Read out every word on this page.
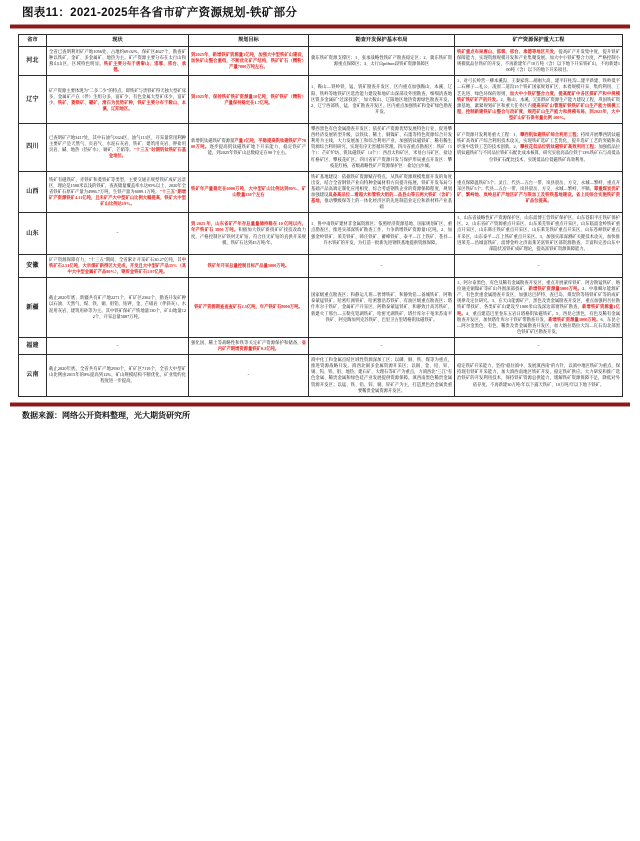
图表11：2021-2025年各省市矿产资源规划-铁矿部分
省市	现状	规划目标	勘查开发保护基本布局	矿产资源保护重大工程
河北	全省已查明利用矿产地1056处，占地约69.02%，保矿区4627个，勘查矿种以铁矿、金矿、多金属矿、地热为主。矿产资源主要分布在太行山和燕山山区，区域特色明显。铁矿主要分布于唐秦山、邯郸、邢台、承德。	到2025年，新增铁矿资源量3亿吨，加强大中型铁矿山建设，加快矿山整合重组，不断优化矿产结构，铁矿矿石（精粉）产量7000万吨左右。	冀东铁矿资源支撑区；1、张承战略性铁矿产勘查稳定区；2、冀东铁矿资源重点保障区；3、太行山północ段铁矿资源保障区	铁矿重点布局唐山、邯郸、邢台、承德等地区开发，提高矿产开发集中度，提升铁矿保障能力，实现资源规模开发和产业集聚发展。加大中小铁矿整合力度，严格控制小规模低品位铁矿的开发，不再新建年产10万吨（含）以下地下开采铁矿山，不再新建100吨（含）以下的地下开采项目。
辽宁	矿产资源主要体现为"二多二少"的特点，即铁矿与贵铁矿得天独大型矿床多，金属矿产在（伴）生组分多，富矿少，有色金属大型矿床少，富矿少。铁矿、菱镁矿、硼矿、滑石为优势矿种，铁矿主要分布于鞍山、本溪、辽阳地区。	到2025年，保持铁矿铁矿资源量10亿吨，铁矿铁矿（精粉）产量保持稳定在1.7亿吨。	1、鞍山—铁岭铁、锰、钒矿勘查开发区，区内重点加强鞍山、本溪、辽阳、铁岭等地铁矿区选治能力建设和地矿山深部及外围勘查，细细清查地区钒多金属矿"过深找富"，加大鞍山、辽阳地区地热资源绿色勘查开发。2、辽宁西部铁、锰、金矿勘查开发区，区内重点加强铁矿和金矿绿色勘查开发。	1、对弓长岭营一柳本溪沟、王秦家湾—胡刚大高、建平轩柱沟—建平新建、铁岭低平—石柳子—礼公、凌原二道沟15个铁矿国家规划矿区，本着规模开采、集约利用、工艺先进、绿色环保的原则，加大中小铁矿整合力度，提高配矿中各区探矿产和中规模铁矿铁矿矿产的开发。2、鞍山、本溪、辽阳铁矿资源生产能力建设工程，巩固铁矿资源基地，紧紧规划矿区和重大任务区内提高采矿山管理矿铁铁矿矿山生产能力规模工程，控制新建铁矿山整合与改矿度，规范矿山生产能力和规模布局，到2025年，大中型矿山矿石保有量比例 100%。
四川	已查明矿产地3417处，其中石油气3324区，油气113区，开采量常用利种主要矿产是天然气、页岩气、水泥石灰岩、铁矿、建筑用灰岩、钾盐用页岩、碱、地热（热矿水）、铜矿、芒硝等。"十三五"时期钒钛铁矿石基金地位。	新增钒钛磁铁矿资源量产量1亿吨，平稳提高钒钛磁铁矿产7000万吨。逐步提高钒钛磁铁矿地下开采能力，稳定铁矿产能，到2025年铁矿山总数稳定在90个左右。	攀西黑色有色金属勘查开发区；依托矿产资源优势发展特色行业，促进攀西经济发展转型升级，以铁钛、稀土、铜镍矿、石墨等特色资源综合开发利用为主线，大力发展加工和综合利用产业，加强钒钛磁铁矿、稀有稀生资源综合利用研究，实现有序无害循环管理。四川省重点勘查区：铁矿（1个）：芒矿炉坊、钒钛磁铁矿（4个）：西昌太和矿区、米易白马矿区、盐边红格矿区、攀枝花矿区。四川省矿产资源开发与保护形局重点开发区：攀枝花红格，省级战略性矿产资源保护区：盐边白沙城。	矿产资源开发利用重大工程：1、攀西钒钛磁铁矿综合利用工程；持续开展攀西钒钛磁铁矿高效矿产综合利用技术攻关，实现铁矿选矿工艺优化，提升选矿工艺的突破和高炉渣中选铁工艺的技术创新。2、攀枝花低品位钒钛磁铁矿高效利用工程；加强低品位钒钛磁铁矿与不同品位铁矿石配比成本核算，研究实验高品位铁于13%铁矿石与高低品位铁矿石配比技术，实现低品位低磁铁矿高效利用。
山西	铁矿有磁铁矿、赤铁矿和菱铁矿等类型，主要交通正规型铁矿成矿远景区，理论是1500米以浅的铁矿，查查储量覆盖率水达95%以上，2020年全省铁矿石原矿产量为4986.7万吨，生铁产量为6089.1万吨。"十三五"期增矿产资源铁矿4.11亿吨，且未矿产大中型矿山比例大幅提高，铁矿大中型矿山比例达19%。	铁矿年产量稳定在6000万吨，大中型矿山比例达到80%、矿山数量230个左右	铁矿基地建设：依据铁矿资源赋存特点，从铁矿资源规模集群开发的角度出发，结合全省钢铁产业向特种金属材料方向提升拓展，铁矿开发布局与基础产品高端定制化应用相变，综合考虑钢铁企业的资源保障程度，规划加强建设具备高品位—看超大和管铁大铝的—品县山等五两大铁矿（含矿）基地，推动攀级保等上的一体化经济区的先进制造业定位和新材料产业基础	重点保障温铁矿5个；灵丘、代县—五台一带、岚县晨岳、方交、永城—繁峙、重点开采区铁矿5个；代县—五台一带、岚县晨岳、方交、永城—繁峙、平顺。尊重煤炭优矿矿、繁峙地、岚岭总矿产地区矿产与限加工及铁铁基地建设。省上民综合实施铁矿资矿品位提高。
山东	-	到 2025 年，山东省矿产年存总量量储持稳在 10 亿吨以内，年产铁矿石 3800 万吨。积极加大铁矿新找矿矿找技改政力度，产格控制区矿铁材无矿钴，符合住无矿钴的直供开采规模，铁矿石达到45万吨/年。	1、鲁中南铁矿建材非金属资源区；依照经济资源基地、国家规划矿区、重点勘查区，推进实部深铁矿勘查工作，力争新增铁矿资源量1亿吨。2、加强金岭铁矿、莱芜铁矿、韩庄铁矿、蓄峰铁矿、泰平—江上铁矿、苍县—许水铁矿的开发，为打造一批新先进钢铁基地提供资源保障。	1、山东省战略性矿产资源保护区，山东淄博王营铁矿保护区，山东苍阳平庄铁矿保护区。2、山东省矿产资源重点开采区，山东莱芜铁矿重点开采区，山东临淄金岭铁矿重点开采区，山东韩庄铁矿重点开采区，山东莱芜铁矿重点开采区，山东苍峄铁矿重点开采区，山东泰平—江上铁矿重点开采区。3、加强实部深测矿关键技术攻关，加快推进莱芜—昌城富铁矿、淄博金岭之济南莱芜富铁矿区部资源勘查，丰富和完善山东中部隐伏富铁矿成矿理论，提高富铁矿资源保障能力。
安徽	矿产资源保障有力，"十三五"期间，全省累计开采矿石30.27亿吨，其中铁矿石2.51亿吨，大宗煤矿新得区大完成，开发且大中型矿产品35%（其中大中型金属矿产品80%），钢贸金铁矿石1.97亿吨。	铁矿年开采总量控制目标产品量5000万吨。	-	-

新疆	截止2020年底，新疆共有矿产地2271个，矿矿区2362个，勘查开发矿种以石油、天然气、煤、铁、铜、钼铝、钴钾、金、芒硝岩（伴斜灰）、水泥用灰岩、建筑用砂等为主。其中铁矿保矿产铁地量130个，矿山地量122个，开采总量5087万吨。	铁矿产资源期查查查矿石2.5亿吨，年产铁矿石8000万吨。	国家级重点勘查区；和静运儿班—智博铁矿、和静致铅—备城铁矿、阿勒泰蒙锰铁矿、哈密红洲铁矿、哈密雅浩苏铁矿、有油区级重点勘查区；塔什库尔干铁矿、金属矿产开采区、阿勒泰蒙锰铁矿、和静致汁高苏铁矿、新建火丁那台—玉勒克铝湖铁矿、哈密光湖铁矿、塔什库尔干奄米苏南平铁矿、阿克陶加列克苏铁矿、巴里卫古里塔格钒钛磁铁矿。	1、阿尔泰黑色、有色及稀有金属勘查开发区，重点开展蒙库铁矿、阿舍勘锰铁矿、喀拉通克铜镍矿等矿山外围深部找矿，新增铁矿资源量5000万吨。2、中准噶尔能源矿产、有色贵重金属勘查开发区，加强达巴萨特、查巴岛、煤炭阶等铬铁矿矿等的成矿规律及定位研究。3、在天山能源矿产、黑色及贵金属勘查开发区，重点加强阿吾拉勘铁矿带找矿，各类矿矿山建设至1000米山浅深边部窗铁矿勘查，新增铁矿资源量1亿吨。4、重点建造巴里卷东五岩日塔格钒钛磁铁矿。5、西昆仑黑色、有色及稀有金属勘查开发区，加快塔什库尔干铁矿带勘查开发，新增铁矿资源量3000万吨。6、东昆仑—阿尔金黑色、有色、稀贵及贵金属勘查开发区，加大喀拉塔拉大沟—瓦石沟北部黑色铁矿矿区勘查开发。
福建	-	强化国、稀土等战略性和铁等关定矿产资源保护和储备，省内矿产期增资源量铁矿0.2亿吨。	-	-

云南	截止2020年底，全省共有矿产地2930个，矿矿区7119个，全省大中型矿山比例由2015年的8%提高到12%，矿山规模结构不断优化，矿业集约化程度进一步提高。	-	滇中化工和金属点结区域性资源深加工区；以磷、铜、铁、煤等为重点，推进资源战略开发。滇西北铜多金属资源开采区；以铜、金、铅、锌、锡、钨、铁、钼、地热、建石矿、大理石等矿产为重点，力滇西北"三江"有色金属、稀贵金属和绿色硅产业发展提供资源保障。滇西南黑色稀贵金属资源开发区；以锰、铁、铅、锌、铜、锌矿产为主，打造黑色冶金属贵重要稀贵金属资源开发区。	稳定铁矿开采能力，坚持"稳住滇中、发展滇西南"的方针，以滇中地区铁矿为重点，保持现有铁矿开采能力，加大滇西南地区铁矿开发，稳定铁矿供应。大力研发和推广选治铁矿的开发利用技术，保持铁矿资源总供能力，缓解铁矿资源保障不足，降低对外依存度。不再新建30万吨/年以下露天铁矿、10万吨/年以下地下铁矿。
数据来源：网络公开资料整理，光大期货研究所
